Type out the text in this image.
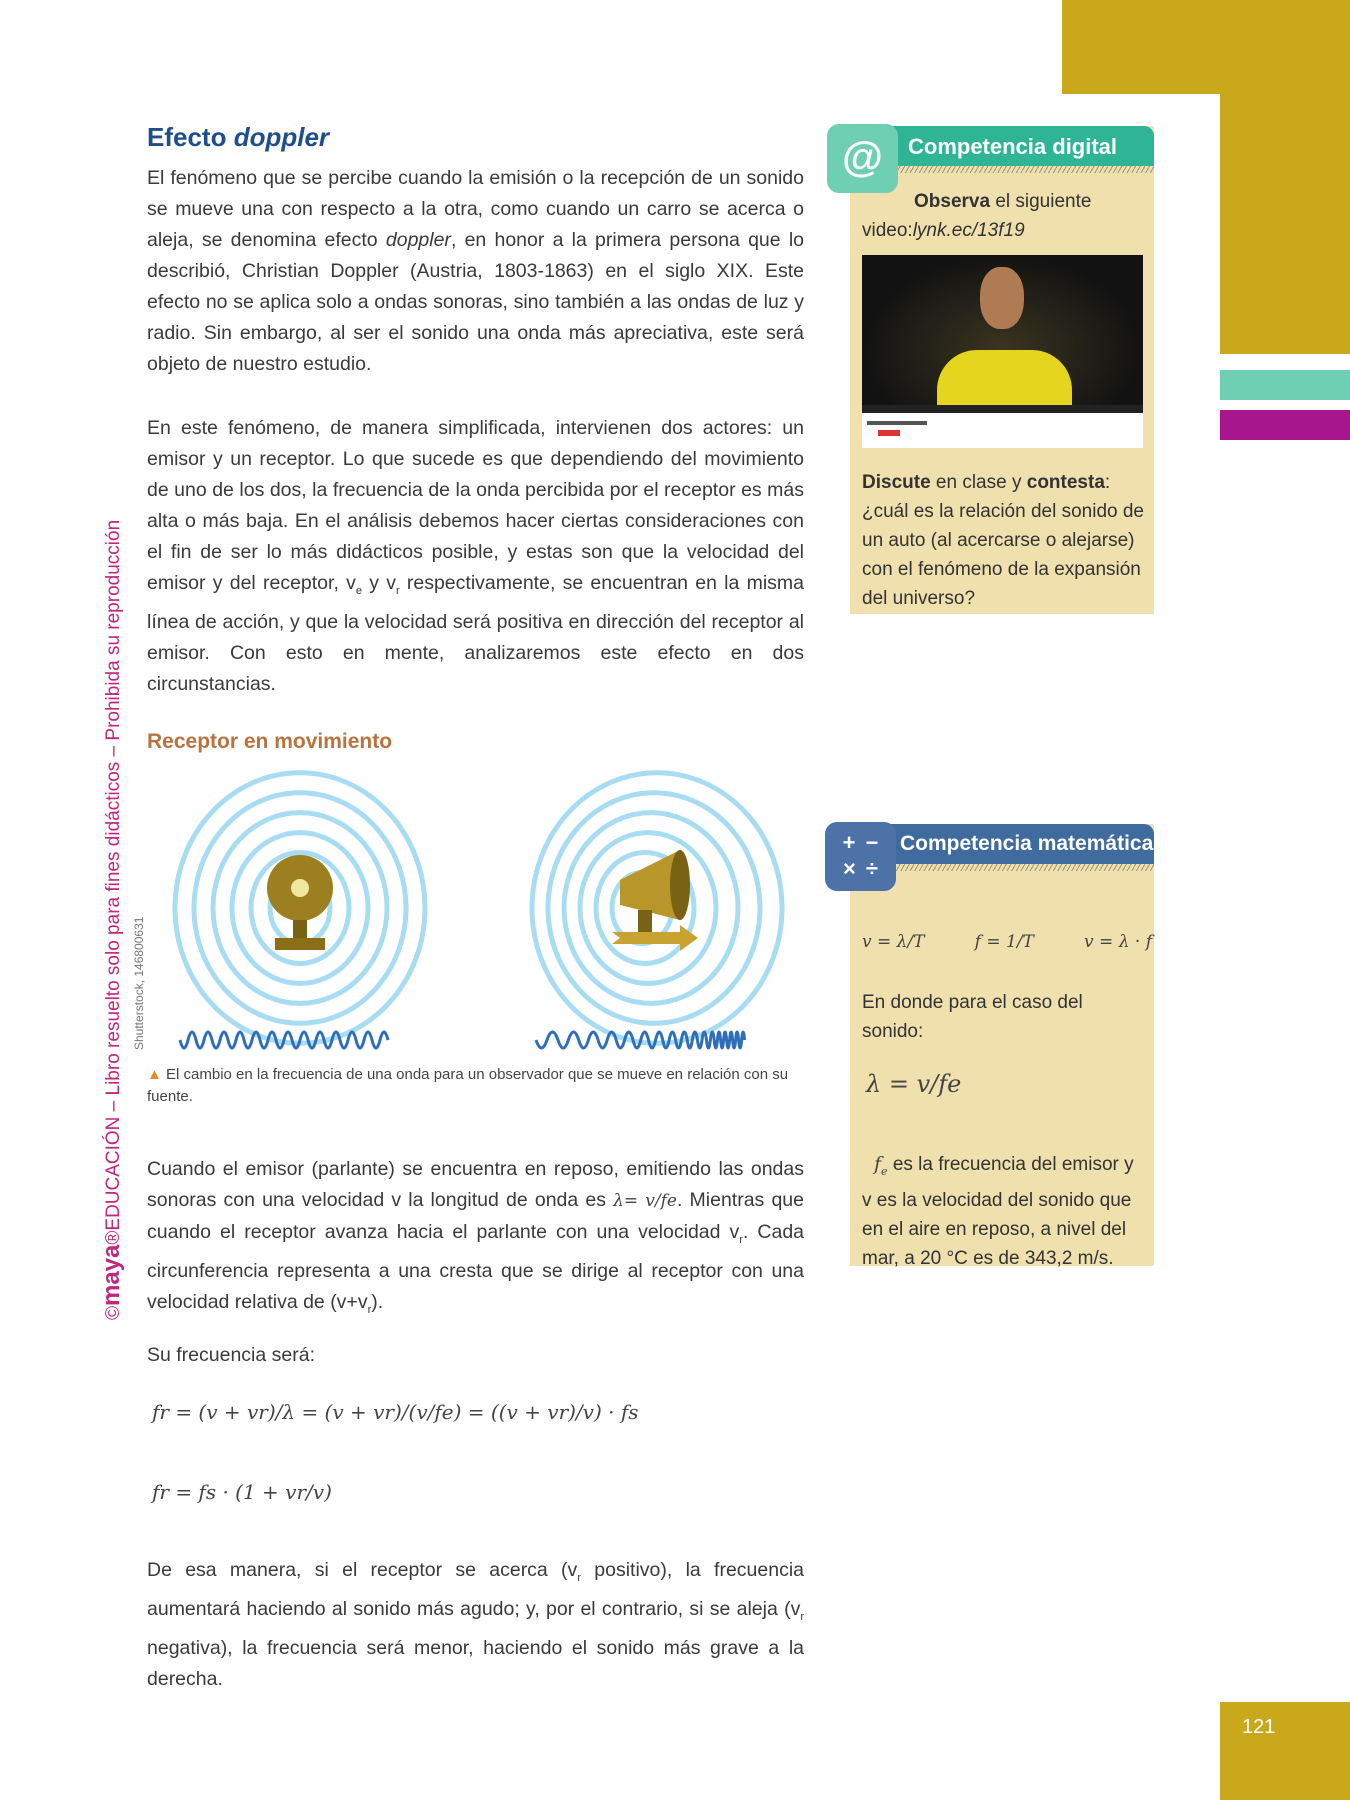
121
©maya®EDUCACIÓN – Libro resuelto solo para fines didácticos – Prohibida su reproducción Shutterstock, 146800631
Efecto doppler

El fenómeno que se percibe cuando la emisión o la recepción de un sonido se mueve una con respecto a la otra, como cuando un carro se acerca o aleja, se denomina efecto doppler, en honor a la primera persona que lo describió, Christian Doppler (Austria, 1803-1863) en el siglo XIX. Este efecto no se aplica solo a ondas sonoras, sino también a las ondas de luz y radio. Sin embargo, al ser el sonido una onda más apreciativa, este será objeto de nuestro estudio.

En este fenómeno, de manera simplificada, intervienen dos actores: un emisor y un receptor. Lo que sucede es que dependiendo del movimiento de uno de los dos, la frecuencia de la onda percibida por el receptor es más alta o más baja. En el análisis debemos hacer ciertas consideraciones con el fin de ser lo más didácticos posible, y estas son que la velocidad del emisor y del receptor, $v_e$ y $v_r$ respectivamente, se encuentran en la misma línea de acción, y que la velocidad será positiva en dirección del receptor al emisor. Con esto en mente, analizaremos este efecto en dos circunstancias.

Receptor en movimiento

▲ El cambio en la frecuencia de una onda para un observador que se mueve en relación con su fuente.

Cuando el emisor (parlante) se encuentra en reposo, emitiendo las ondas sonoras con una velocidad v la longitud de onda es λ= v/fe. Mientras que cuando el receptor avanza hacia el parlante con una velocidad $v_r$. Cada circunferencia representa a una cresta que se dirige al receptor con una velocidad relativa de $(v+v_r)$.

Su frecuencia será:

fr = (v + vr)/λ = (v + vr)/(v/fe) = ((v + vr)/v) · fs
fr = fs · (1 + vr/v)

De esa manera, si el receptor se acerca ($v_r$ positivo), la frecuencia aumentará haciendo al sonido más agudo; y, por el contrario, si se aleja ($v_r$ negativa), la frecuencia será menor, haciendo el sonido más grave a la derecha.

Competencia digital
@

Observa el siguiente
video:lynk.ec/13f19

Discute en clase y contesta: ¿cuál es la relación del sonido de un auto (al acercarse o alejarse) con el fenómeno de la expansión del universo?

Competencia matemática
+ − × ÷
v = λ/T	f = 1/T	v = λ · f

En donde para el caso del sonido:

λ = v/fe

$f_e$ es la frecuencia del emisor y
v es la velocidad del sonido que en el aire en reposo, a nivel del mar, a 20 °C es de 343,2 m/s.
